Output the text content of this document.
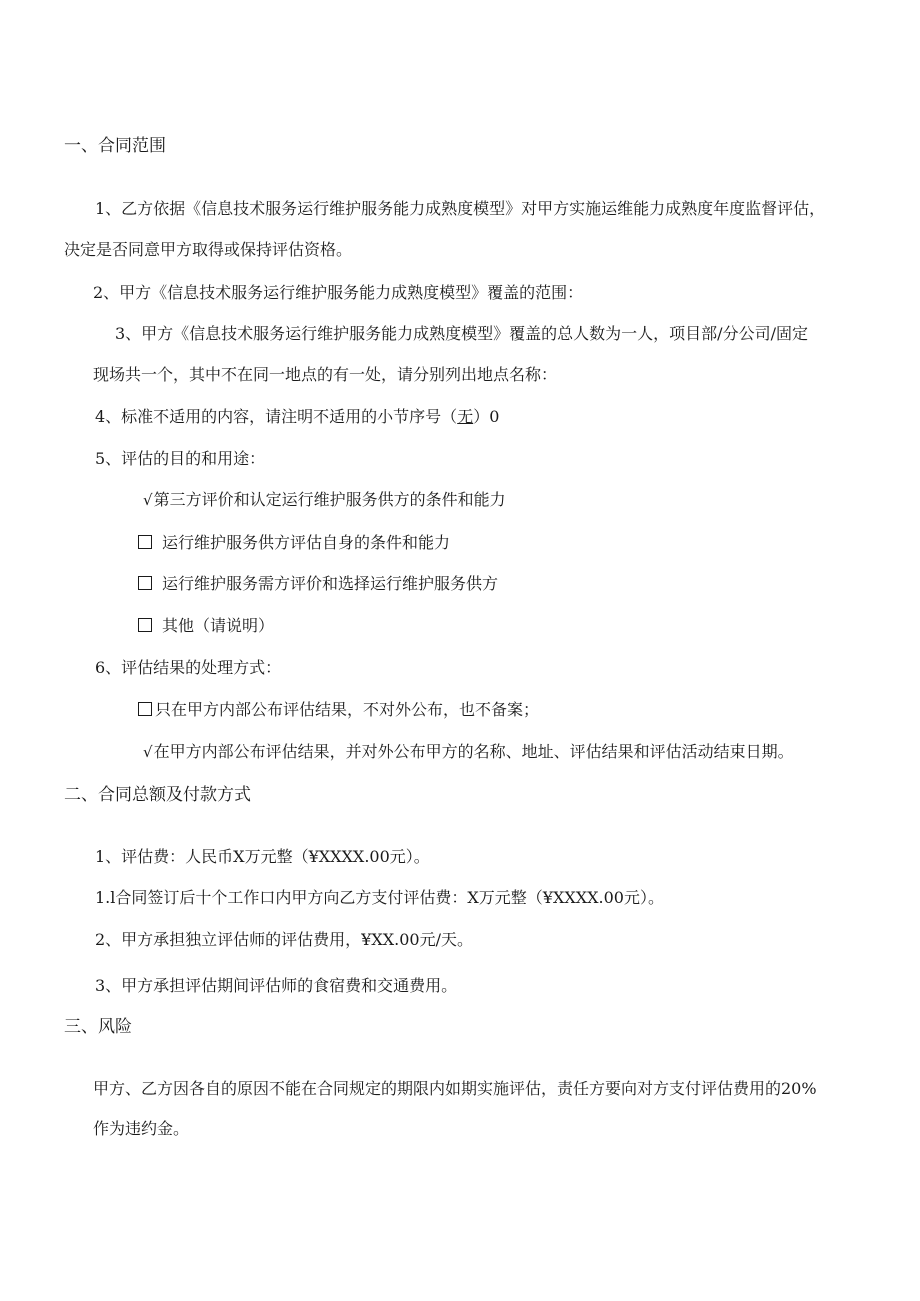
一、合同范围
1、乙方依据《信息技术服务运行维护服务能力成熟度模型》对甲方实施运维能力成熟度年度监督评估，
决定是否同意甲方取得或保持评估资格。
2、甲方《信息技术服务运行维护服务能力成熟度模型》覆盖的范围：
3、甲方《信息技术服务运行维护服务能力成熟度模型》覆盖的总人数为一人，项目部/分公司/固定
现场共一个，其中不在同一地点的有一处，请分别列出地点名称：
4、标准不适用的内容，请注明不适用的小节序号（无）0
5、评估的目的和用途：
√第三方评价和认定运行维护服务供方的条件和能力
运行维护服务供方评估自身的条件和能力
运行维护服务需方评价和选择运行维护服务供方
其他（请说明）
6、评估结果的处理方式：
只在甲方内部公布评估结果，不对外公布，也不备案；
√在甲方内部公布评估结果，并对外公布甲方的名称、地址、评估结果和评估活动结束日期。
二、合同总额及付款方式
1、评估费：人民币X万元整（¥XXXX.00元）。
1.l合同签订后十个工作口内甲方向乙方支付评估费：X万元整（¥XXXX.00元）。
2、甲方承担独立评估师的评估费用，¥XX.00元/天。
3、甲方承担评估期间评估师的食宿费和交通费用。
三、风险
甲方、乙方因各自的原因不能在合同规定的期限内如期实施评估，责任方要向对方支付评估费用的20%
作为违约金。
